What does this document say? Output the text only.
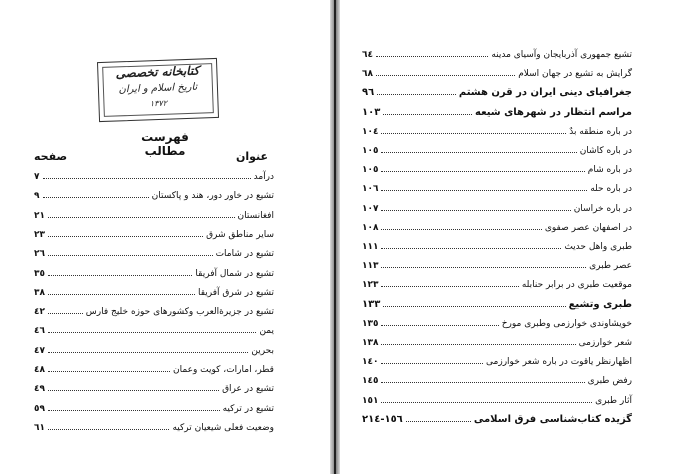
کتابخانه تخصصی
تاریخ اسلام و ایران
١٣٧٢
فهرست مطالب	عنوان
صفحه
درآمد
٧
تشیع در خاور دور، هند و پاکستان
٩
افغانستان
٢١
سایر مناطق شرق
٢٣
تشیع در شامات
٢٦
تشیع در شمال آفریقا
٣٥
تشیع در شرق آفریقا
٣٨
تشیع در جزیرةالعرب وکشورهای حوزه خلیج فارس
٤٢
یمن
٤٦
بحرین
٤٧
قطر، امارات، کویت وعمان
٤٨
تشیع در عراق
٤٩
تشیع در ترکیه
٥٩
وضعیت فعلی شیعیان ترکیه
٦١
تشیع جمهوری آذربایجان وآسیای مدینه
٦٤
گرایش به تشیع در جهان اسلام
٦٨
جغرافیای دینی ایران در قرن هشتم
٩٦
مراسم انتظار در شهرهای شیعه
١٠٣
در باره منطقه بدٌ
١٠٤
در باره کاشان
١٠٥
در باره شام
١٠٥
در باره حله
١٠٦
در باره خراسان
١٠٧
در اصفهان عصر صفوی
١٠٨
طبری واهل حدیث
١١١
عصر طبری
١١٣
موقعیت طبری در برابر حنابله
١٢٣
طبری وتشیع
١٣٣
خویشاوندی خوارزمی وطبری مورخ
١٣٥
شعر خوارزمی
١٣٨
اظهارنظر یاقوت در باره شعر خوارزمی
١٤٠
رفض طبری
١٤٥
آثار طبری
١٥١
گزیده کتاب‌شناسی فرق اسلامی
١٥٦-٢١٤
